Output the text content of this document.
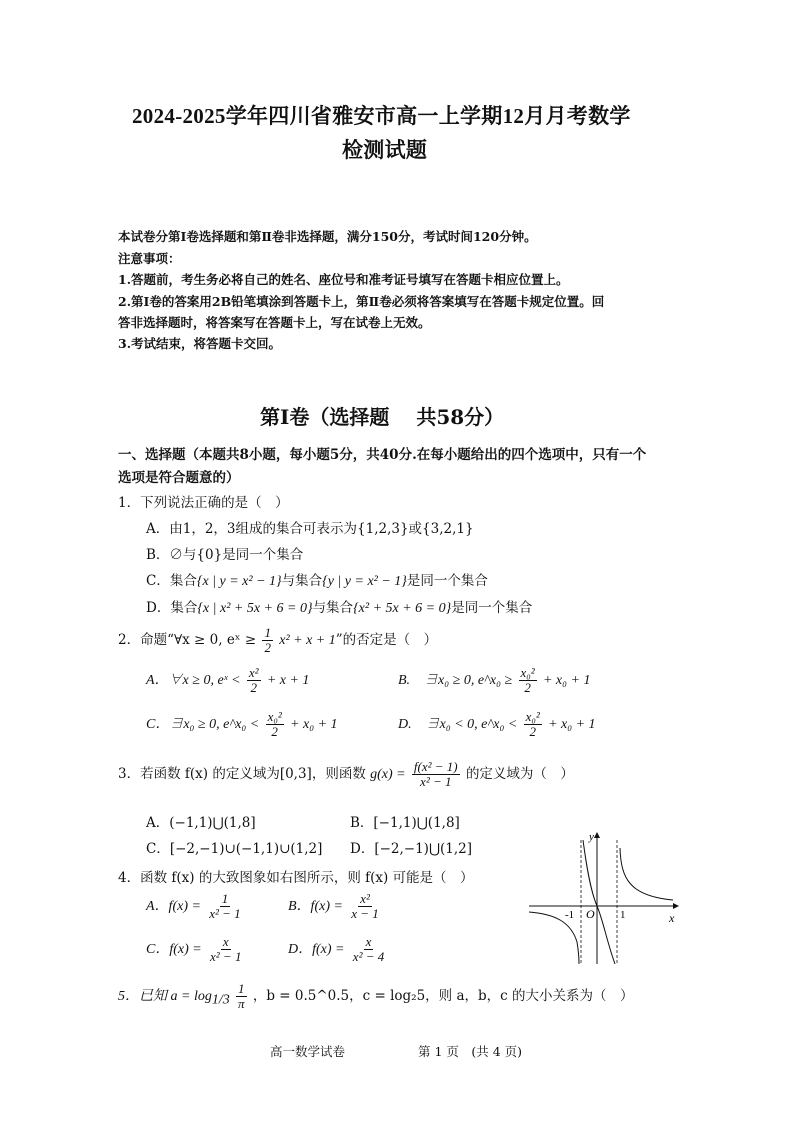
2024-2025学年四川省雅安市高一上学期12月月考数学
检测试题
本试卷分第Ⅰ卷选择题和第Ⅱ卷非选择题，满分150分，考试时间120分钟。
注意事项：
1.答题前，考生务必将自己的姓名、座位号和准考证号填写在答题卡相应位置上。
2.第Ⅰ卷的答案用2B铅笔填涂到答题卡上，第Ⅱ卷必须将答案填写在答题卡规定位置。回
答非选择题时，将答案写在答题卡上，写在试卷上无效。
3.考试结束，将答题卡交回。
第Ⅰ卷（选择题　 共58分）
一、选择题（本题共8小题，每小题5分，共40分.在每小题给出的四个选项中，只有一个
选项是符合题意的）
1．下列说法正确的是（　）
A．由1，2，3组成的集合可表示为{1,2,3}或{3,2,1}
B．∅与{0}是同一个集合
C．集合{x | y = x² − 1}与集合{y | y = x² − 1}是同一个集合
D．集合{x | x² + 5x + 6 = 0}与集合{x² + 5x + 6 = 0}是同一个集合
2．命题“∀x ≥ 0, eˣ ≥ $\frac{1}{2} x^2 + x + 1$”的否定是（　）
A．∀x ≥ 0, eˣ < $\frac{\text{x²}}{2} + x + 1$	B.　∃x₀ ≥ 0, e^x₀ ≥ $\frac{\text{x₀²}}{2} + x_0 + 1$
C．∃x₀ ≥ 0, e^x₀ < $\frac{\text{x₀²}}{2} + x_0 + 1$	D.　∃x₀ < 0, e^x₀ < $\frac{\text{x₀²}}{2} + x_0 + 1$
3．若函数 f(x) 的定义域为[0,3]，则函数 $g(x) = \frac{\text{f(x² − 1)}}{\text{x² − 1}}$ 的定义域为（　）
A．(−1,1)⋃(1,8]	B．[−1,1)⋃(1,8]
C．[−2,−1)∪(−1,1)∪(1,2] D．[−2,−1)⋃(1,2]
4．函数 f(x) 的大致图象如右图所示，则 f(x) 可能是（　）
A．$f(x) = \frac{1}{\text{x² − 1}}$	B．$f(x) = \frac{\text{x²}}{x - 1}$
C．$f(x) = \frac{x}{\text{x² − 1}}$	D．$f(x) = \frac{x}{\text{x² − 4}}$
y
x
O
-1	1
5．已知 $a = \log_{1/3} \frac{1}{\pi}$ ，b = 0.5^0.5，c = log₂5，则 a，b，c 的大小关系为（　）
高一数学试卷	第 1 页　(共 4 页)
